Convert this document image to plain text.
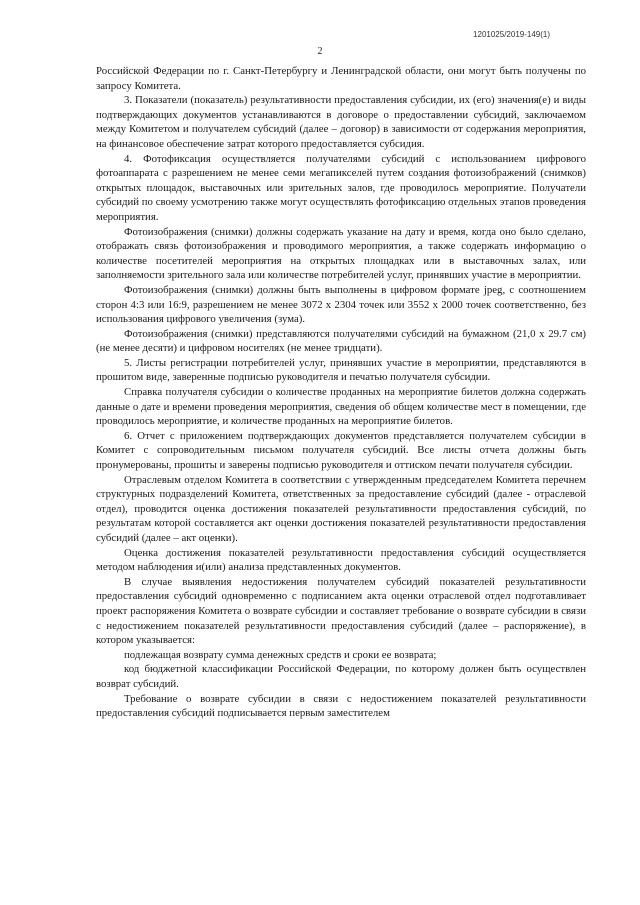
1201025/2019-149(1)
2

Российской Федерации по г. Санкт-Петербургу и Ленинградской области, они могут быть получены по запросу Комитета.

3. Показатели (показатель) результативности предоставления субсидии, их (его) значения(е) и виды подтверждающих документов устанавливаются в договоре о предоставлении субсидий, заключаемом между Комитетом и получателем субсидий (далее – договор) в зависимости от содержания мероприятия, на финансовое обеспечение затрат которого предоставляется субсидия.

4. Фотофиксация осуществляется получателями субсидий с использованием цифрового фотоаппарата с разрешением не менее семи мегапикселей путем создания фотоизображений (снимков) открытых площадок, выставочных или зрительных залов, где проводилось мероприятие. Получатели субсидий по своему усмотрению также могут осуществлять фотофиксацию отдельных этапов проведения мероприятия.

Фотоизображения (снимки) должны содержать указание на дату и время, когда оно было сделано, отображать связь фотоизображения и проводимого мероприятия, а также содержать информацию о количестве посетителей мероприятия на открытых площадках или в выставочных залах, или заполняемости зрительного зала или количестве потребителей услуг, принявших участие в мероприятии.

Фотоизображения (снимки) должны быть выполнены в цифровом формате jpeg, с соотношением сторон 4:3 или 16:9, разрешением не менее 3072 x 2304 точек или 3552 x 2000 точек соответственно, без использования цифрового увеличения (зума).

Фотоизображения (снимки) представляются получателями субсидий на бумажном (21,0 x 29.7 см) (не менее десяти) и цифровом носителях (не менее тридцати).

5. Листы регистрации потребителей услуг, принявших участие в мероприятии, представляются в прошитом виде, заверенные подписью руководителя и печатью получателя субсидии.

Справка получателя субсидии о количестве проданных на мероприятие билетов должна содержать данные о дате и времени проведения мероприятия, сведения об общем количестве мест в помещении, где проводилось мероприятие, и количестве проданных на мероприятие билетов.

6. Отчет с приложением подтверждающих документов представляется получателем субсидии в Комитет с сопроводительным письмом получателя субсидий. Все листы отчета должны быть пронумерованы, прошиты и заверены подписью руководителя и оттиском печати получателя субсидии.

Отраслевым отделом Комитета в соответствии с утвержденным председателем Комитета перечнем структурных подразделений Комитета, ответственных за предоставление субсидий (далее - отраслевой отдел), проводится оценка достижения показателей результативности предоставления субсидий, по результатам которой составляется акт оценки достижения показателей результативности предоставления субсидий (далее – акт оценки).

Оценка достижения показателей результативности предоставления субсидий осуществляется методом наблюдения и(или) анализа представленных документов.

В случае выявления недостижения получателем субсидий показателей результативности предоставления субсидий одновременно с подписанием акта оценки отраслевой отдел подготавливает проект распоряжения Комитета о возврате субсидии и составляет требование о возврате субсидии в связи с недостижением показателей результативности предоставления субсидий (далее – распоряжение), в котором указывается:

подлежащая возврату сумма денежных средств и сроки ее возврата;

код бюджетной классификации Российской Федерации, по которому должен быть осуществлен возврат субсидий.

Требование о возврате субсидии в связи с недостижением показателей результативности предоставления субсидий подписывается первым заместителем
